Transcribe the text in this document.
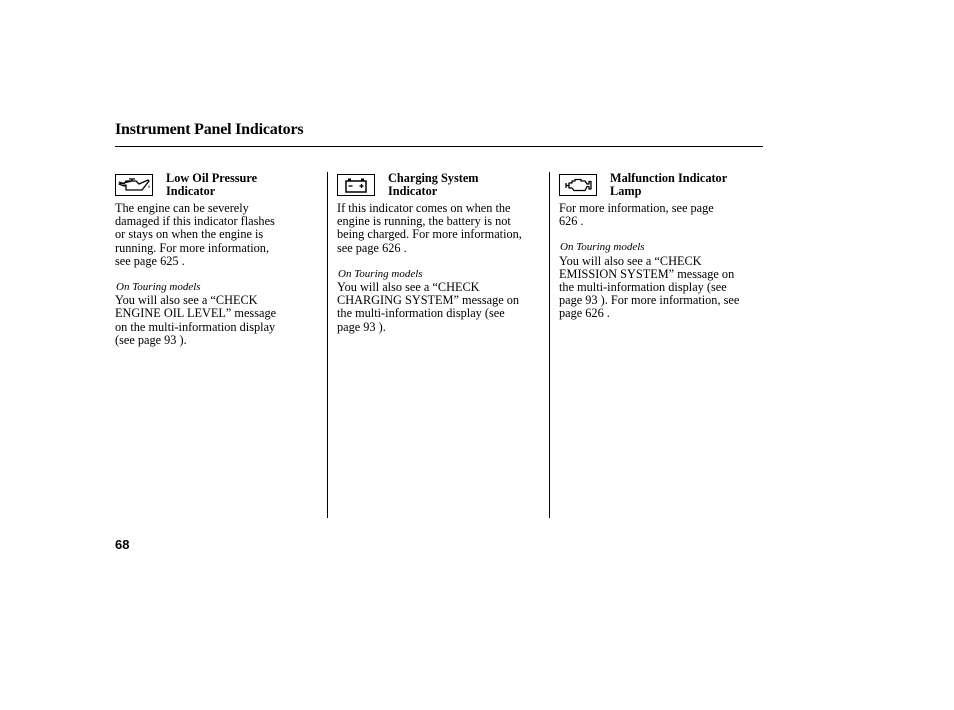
Instrument Panel Indicators
Low Oil Pressure
Indicator

The engine can be severely
damaged if this indicator flashes
or stays on when the engine is
running. For more information,
see page 625 .

On Touring models

You will also see a “CHECK
ENGINE OIL LEVEL” message
on the multi-information display
(see page 93 ).

Charging System
Indicator

If this indicator comes on when the
engine is running, the battery is not
being charged. For more information,
see page 626 .

On Touring models

You will also see a “CHECK
CHARGING SYSTEM” message on
the multi-information display (see
page 93 ).

Malfunction Indicator
Lamp

For more information, see page
626 .

On Touring models

You will also see a “CHECK
EMISSION SYSTEM” message on
the multi-information display (see
page 93 ). For more information, see
page 626 .

68
